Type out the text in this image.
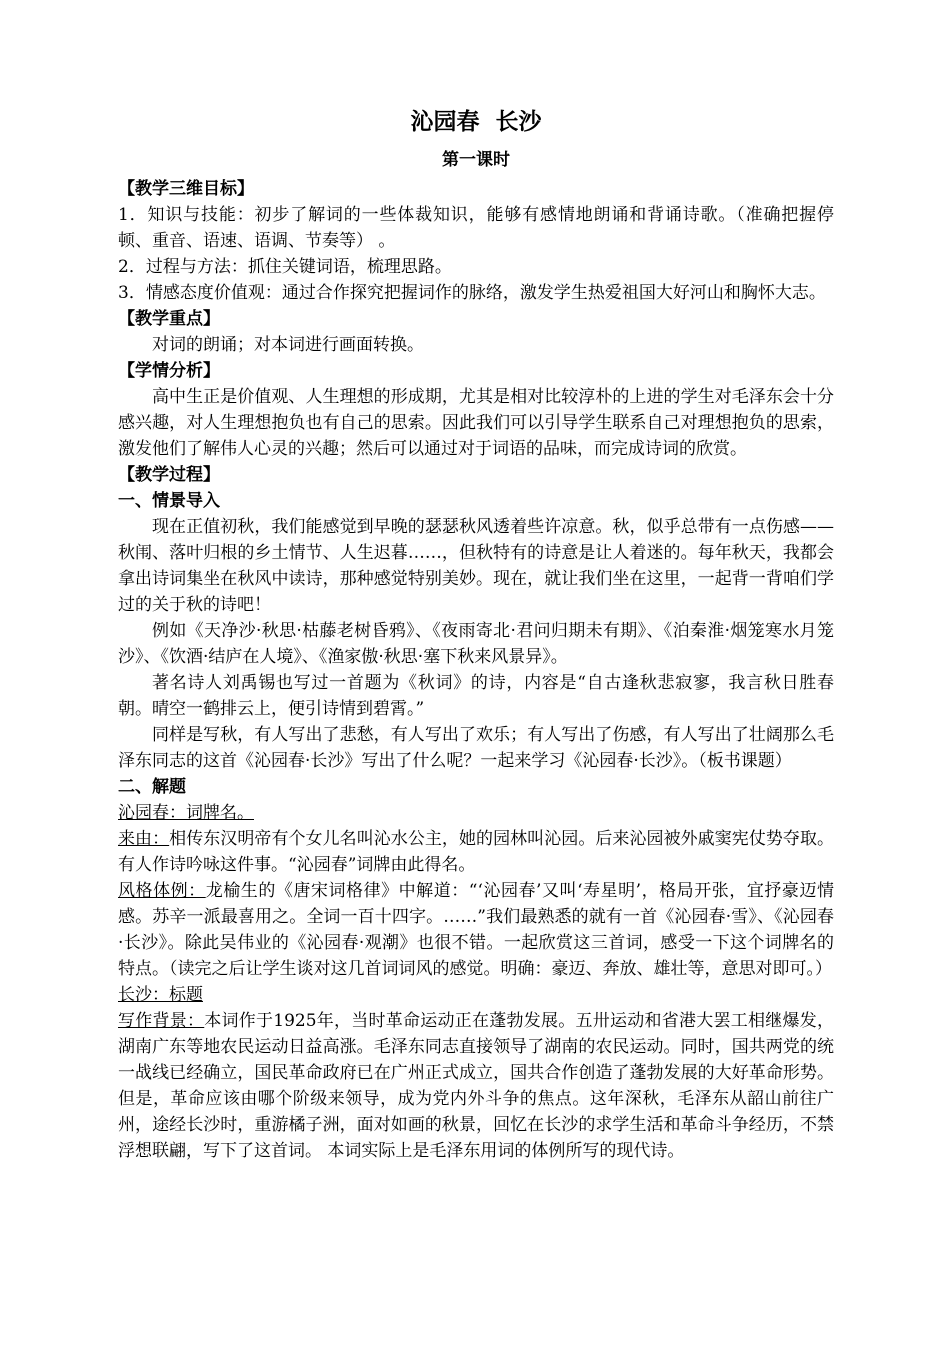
沁园春  长沙
第一课时
【教学三维目标】

1．知识与技能：初步了解词的一些体裁知识，能够有感情地朗诵和背诵诗歌。（准确把握停顿、重音、语速、语调、节奏等） 。

2．过程与方法：抓住关键词语，梳理思路。

3．情感态度价值观：通过合作探究把握词作的脉络，激发学生热爱祖国大好河山和胸怀大志。

【教学重点】

对词的朗诵；对本词进行画面转换。

【学情分析】

高中生正是价值观、人生理想的形成期，尤其是相对比较淳朴的上进的学生对毛泽东会十分感兴趣，对人生理想抱负也有自己的思索。因此我们可以引导学生联系自己对理想抱负的思索，激发他们了解伟人心灵的兴趣；然后可以通过对于词语的品味，而完成诗词的欣赏。

【教学过程】
一、情景导入

现在正值初秋，我们能感觉到早晚的瑟瑟秋风透着些许凉意。秋，似乎总带有一点伤感——秋闱、落叶归根的乡土情节、人生迟暮……，但秋特有的诗意是让人着迷的。每年秋天，我都会拿出诗词集坐在秋风中读诗，那种感觉特别美妙。现在，就让我们坐在这里，一起背一背咱们学过的关于秋的诗吧！

例如《天净沙·秋思·枯藤老树昏鸦》、《夜雨寄北·君问归期未有期》、《泊秦淮·烟笼寒水月笼沙》、《饮酒·结庐在人境》、《渔家傲·秋思·塞下秋来风景异》。

著名诗人刘禹锡也写过一首题为《秋词》的诗，内容是“自古逢秋悲寂寥，我言秋日胜春朝。晴空一鹤排云上，便引诗情到碧霄。”

同样是写秋，有人写出了悲愁，有人写出了欢乐；有人写出了伤感，有人写出了壮阔那么毛泽东同志的这首《沁园春·长沙》写出了什么呢？一起来学习《沁园春·长沙》。（板书课题）

二、解题

沁园春：词牌名。

来由：相传东汉明帝有个女儿名叫沁水公主，她的园林叫沁园。后来沁园被外戚窦宪仗势夺取。有人作诗吟咏这件事。“沁园春”词牌由此得名。

风格体例：龙榆生的《唐宋词格律》中解道：“‘沁园春’又叫‘寿星明’，格局开张，宜抒豪迈情感。苏辛一派最喜用之。全词一百十四字。……”我们最熟悉的就有一首《沁园春·雪》、《沁园春·长沙》。除此吴伟业的《沁园春·观潮》也很不错。一起欣赏这三首词，感受一下这个词牌名的特点。（读完之后让学生谈对这几首词词风的感觉。明确：豪迈、奔放、雄壮等，意思对即可。）

长沙：标题

写作背景：本词作于1925年，当时革命运动正在蓬勃发展。五卅运动和省港大罢工相继爆发，湖南广东等地农民运动日益高涨。毛泽东同志直接领导了湖南的农民运动。同时，国共两党的统一战线已经确立，国民革命政府已在广州正式成立，国共合作创造了蓬勃发展的大好革命形势。但是，革命应该由哪个阶级来领导，成为党内外斗争的焦点。这年深秋，毛泽东从韶山前往广州，途经长沙时，重游橘子洲，面对如画的秋景，回忆在长沙的求学生活和革命斗争经历，不禁浮想联翩，写下了这首词。 本词实际上是毛泽东用词的体例所写的现代诗。
